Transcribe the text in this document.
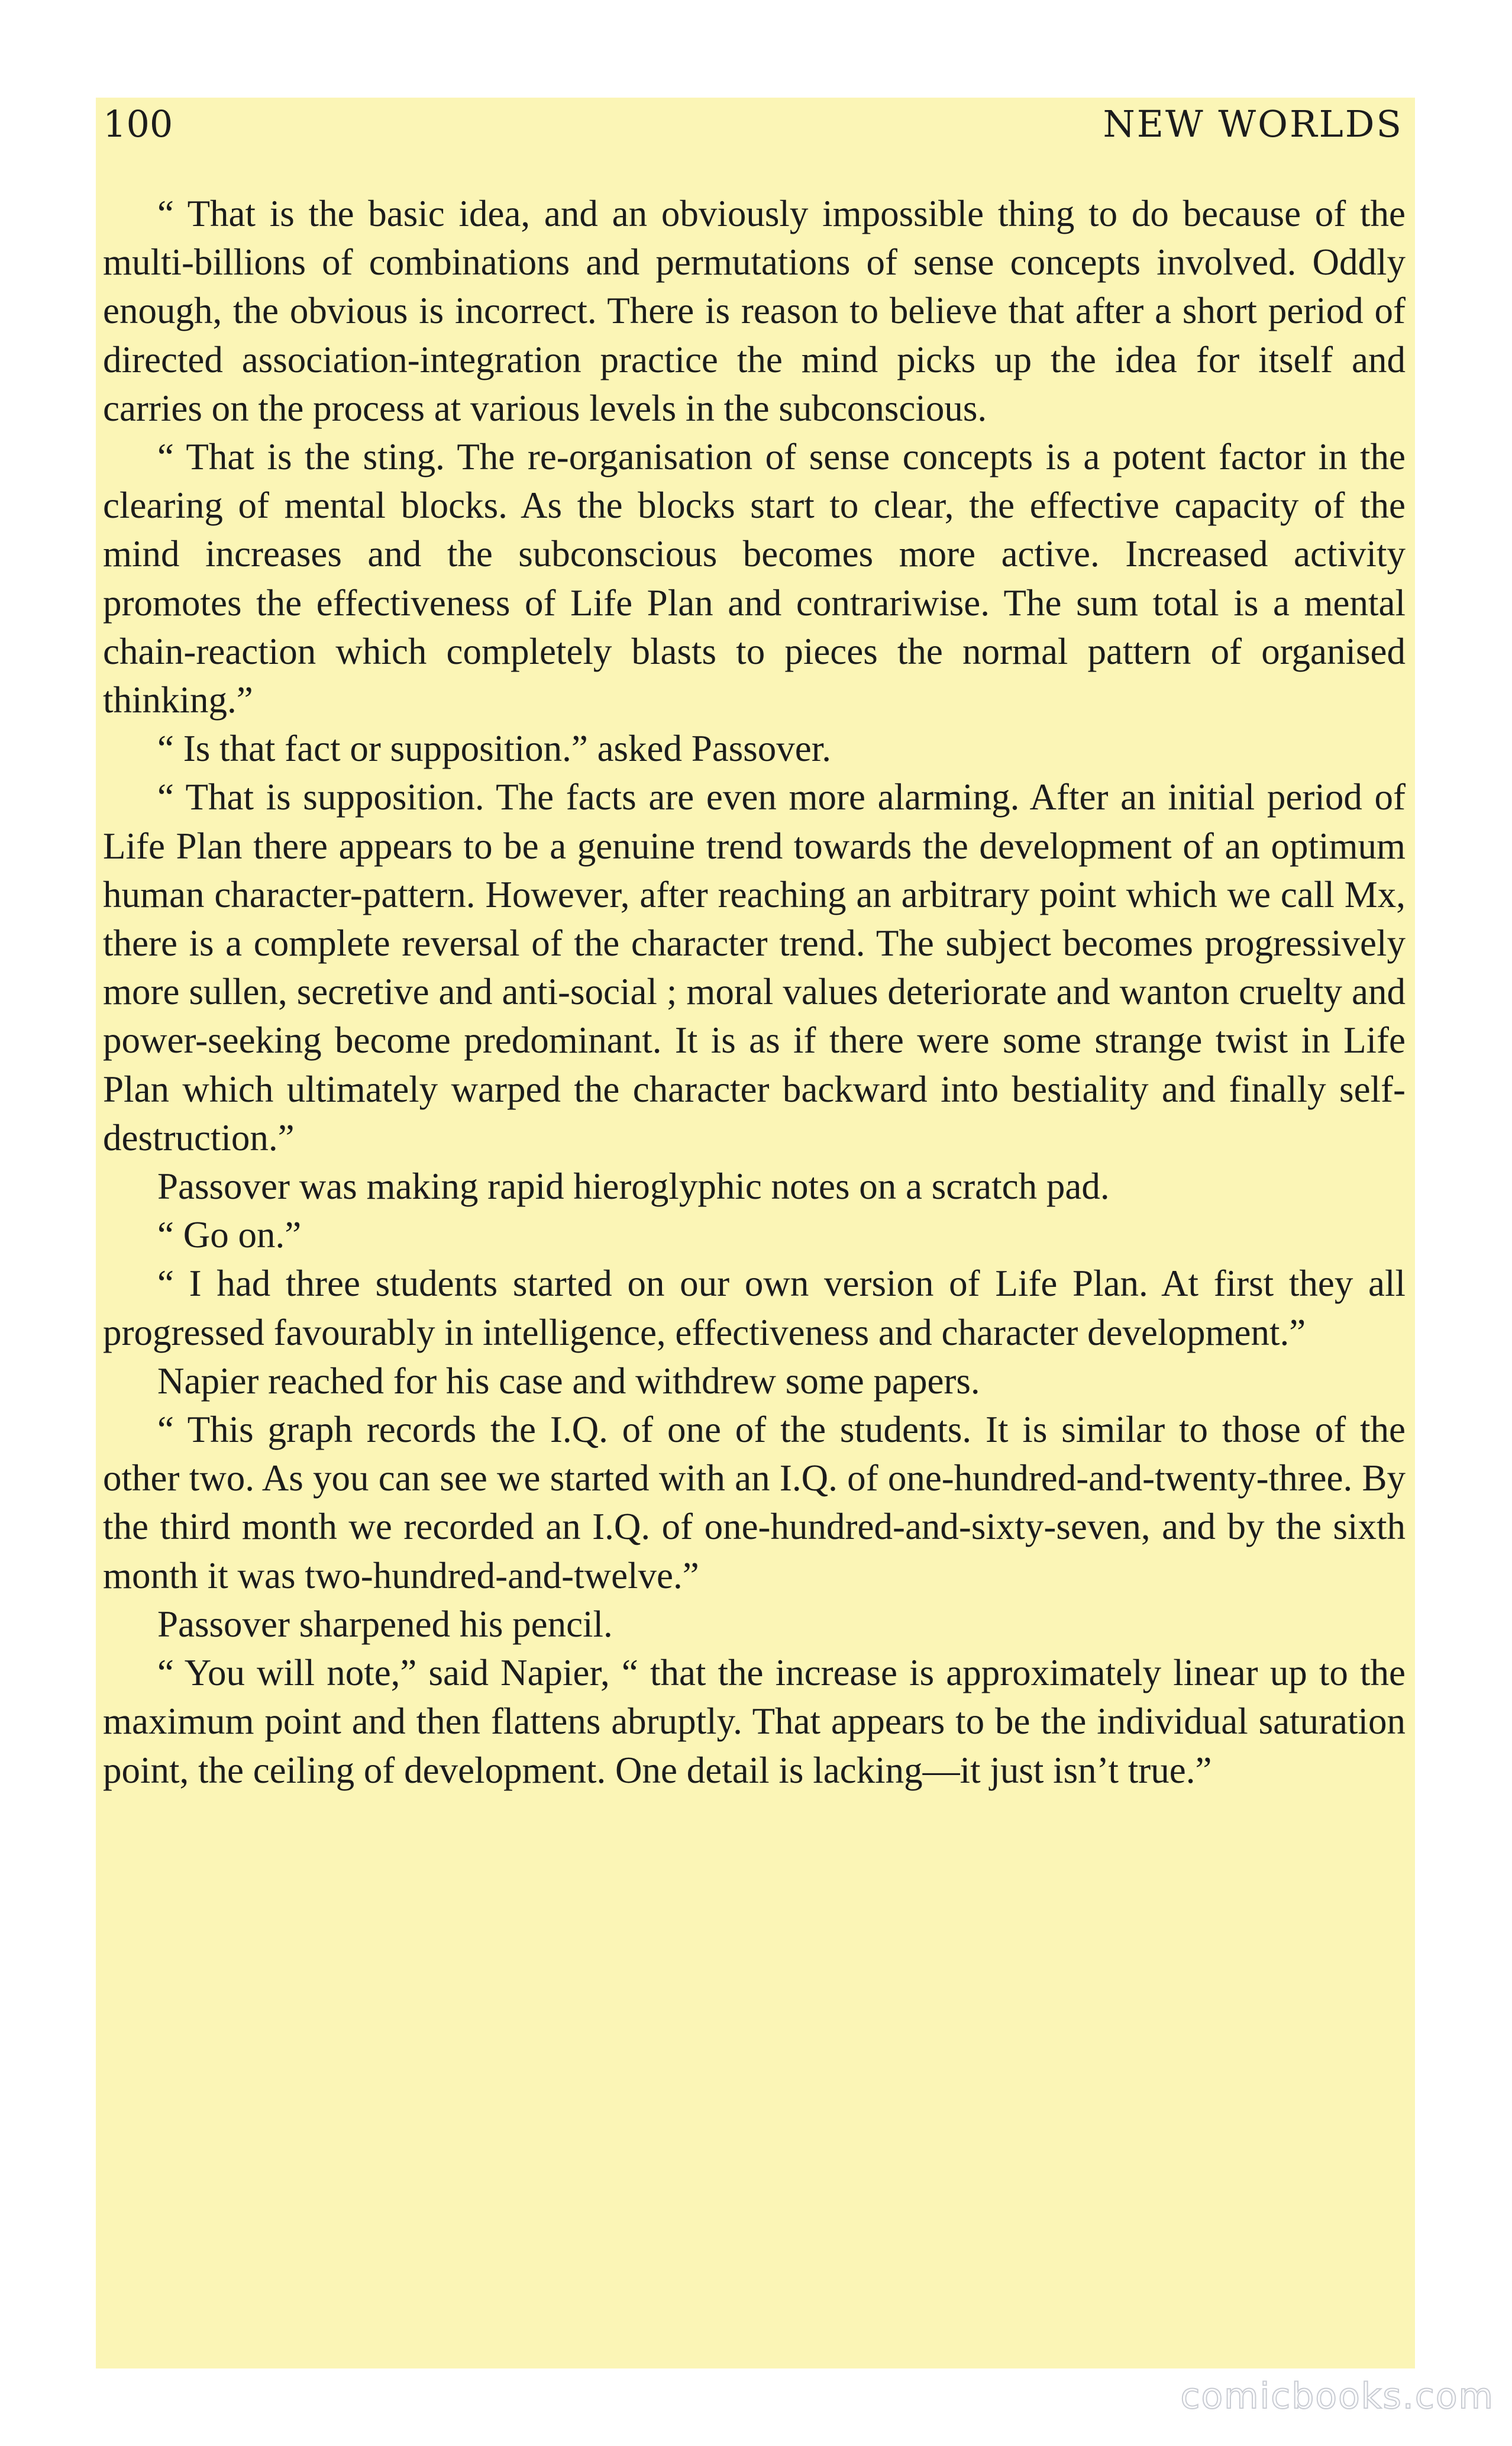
100	NEW WORLDS

“ That is the basic idea, and an obviously impossible thing to do because of the multi-billions of combinations and permutations of sense concepts involved. Oddly enough, the obvious is incorrect. There is reason to believe that after a short period of directed association-integration practice the mind picks up the idea for itself and carries on the process at various levels in the subconscious.

“ That is the sting. The re-organisation of sense concepts is a potent factor in the clearing of mental blocks. As the blocks start to clear, the effective capacity of the mind increases and the subconscious becomes more active. Increased activity promotes the effectiveness of Life Plan and contrariwise. The sum total is a mental chain-reaction which completely blasts to pieces the normal pattern of organised thinking.”

“ Is that fact or supposition.” asked Passover.

“ That is supposition. The facts are even more alarming. After an initial period of Life Plan there appears to be a genuine trend towards the development of an optimum human character-pattern. However, after reaching an arbitrary point which we call Mx, there is a complete reversal of the character trend. The subject becomes progressively more sullen, secretive and anti-social ; moral values deteriorate and wanton cruelty and power-seeking become predominant. It is as if there were some strange twist in Life Plan which ultimately warped the character backward into bestiality and finally self-destruction.”

Passover was making rapid hieroglyphic notes on a scratch pad.

“ Go on.”

“ I had three students started on our own version of Life Plan. At first they all progressed favourably in intelligence, effectiveness and character development.”

Napier reached for his case and withdrew some papers.

“ This graph records the I.Q. of one of the students. It is similar to those of the other two. As you can see we started with an I.Q. of one-hundred-and-twenty-three. By the third month we recorded an I.Q. of one-hundred-and-sixty-seven, and by the sixth month it was two-hundred-and-twelve.”

Passover sharpened his pencil.

“ You will note,” said Napier, “ that the increase is approximately linear up to the maximum point and then flattens abruptly. That appears to be the individual saturation point, the ceiling of development. One detail is lacking—it just isn’t true.”

comicbooks.com
